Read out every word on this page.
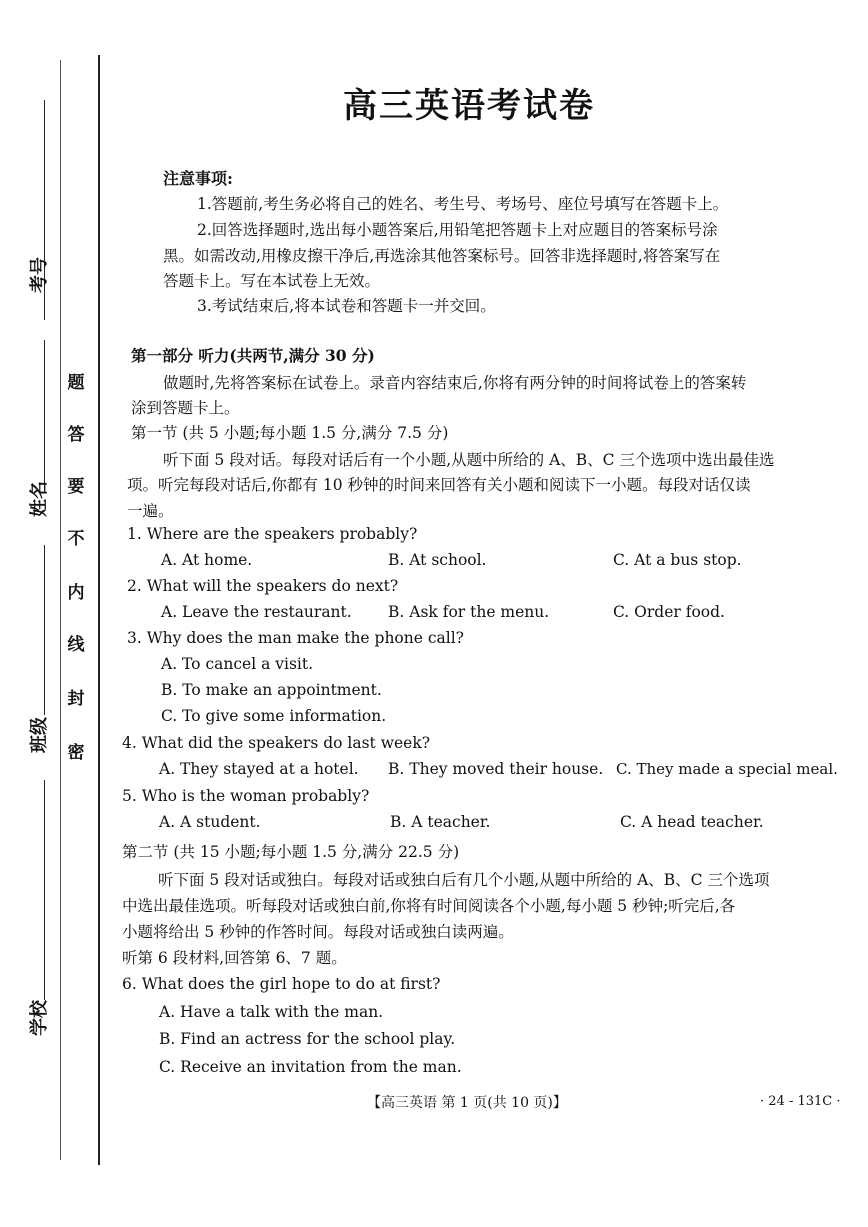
考号
姓名
班级
学校
题
答
要
不
内
线
封
密
高三英语考试卷
注意事项:
1.答题前,考生务必将自己的姓名、考生号、考场号、座位号填写在答题卡上。
2.回答选择题时,选出每小题答案后,用铅笔把答题卡上对应题目的答案标号涂
黑。如需改动,用橡皮擦干净后,再选涂其他答案标号。回答非选择题时,将答案写在
答题卡上。写在本试卷上无效。
3.考试结束后,将本试卷和答题卡一并交回。
第一部分 听力(共两节,满分 30 分)
做题时,先将答案标在试卷上。录音内容结束后,你将有两分钟的时间将试卷上的答案转
涂到答题卡上。
第一节 (共 5 小题;每小题 1.5 分,满分 7.5 分)
听下面 5 段对话。每段对话后有一个小题,从题中所给的 A、B、C 三个选项中选出最佳选
项。听完每段对话后,你都有 10 秒钟的时间来回答有关小题和阅读下一小题。每段对话仅读
一遍。
1. Where are the speakers probably?
A. At home.	B. At school.	C. At a bus stop.
2. What will the speakers do next?
A. Leave the restaurant. B. Ask for the menu.	C. Order food.
3. Why does the man make the phone call?
A. To cancel a visit.
B. To make an appointment.
C. To give some information.
4. What did the speakers do last week?
A. They stayed at a hotel. B. They moved their house. C. They made a special meal.
5. Who is the woman probably?
A. A student.	B. A teacher.	C. A head teacher.
第二节 (共 15 小题;每小题 1.5 分,满分 22.5 分)
听下面 5 段对话或独白。每段对话或独白后有几个小题,从题中所给的 A、B、C 三个选项
中选出最佳选项。听每段对话或独白前,你将有时间阅读各个小题,每小题 5 秒钟;听完后,各
小题将给出 5 秒钟的作答时间。每段对话或独白读两遍。
听第 6 段材料,回答第 6、7 题。
6. What does the girl hope to do at first?
A. Have a talk with the man.
B. Find an actress for the school play.
C. Receive an invitation from the man.
【高三英语 第 1 页(共 10 页)】	· 24 - 131C ·
